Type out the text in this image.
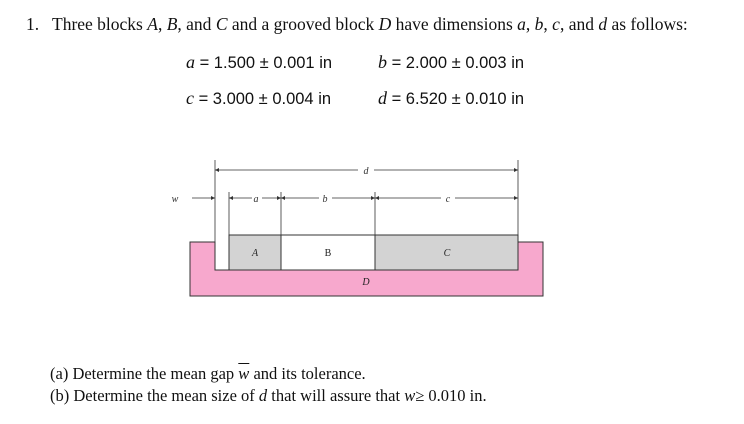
1. Three blocks A, B, and C and a grooved block D have dimensions a, b, c, and d as follows:
a = 1.500 ± 0.001 in	b = 2.000 ± 0.003 in
c = 3.000 ± 0.004 in	d = 6.520 ± 0.010 in
d
w	a	b	c
A	B	C
D
(a) Determine the mean gap $\overline{w}$ and its tolerance.
(b) Determine the mean size of d that will assure that w≥ 0.010 in.
